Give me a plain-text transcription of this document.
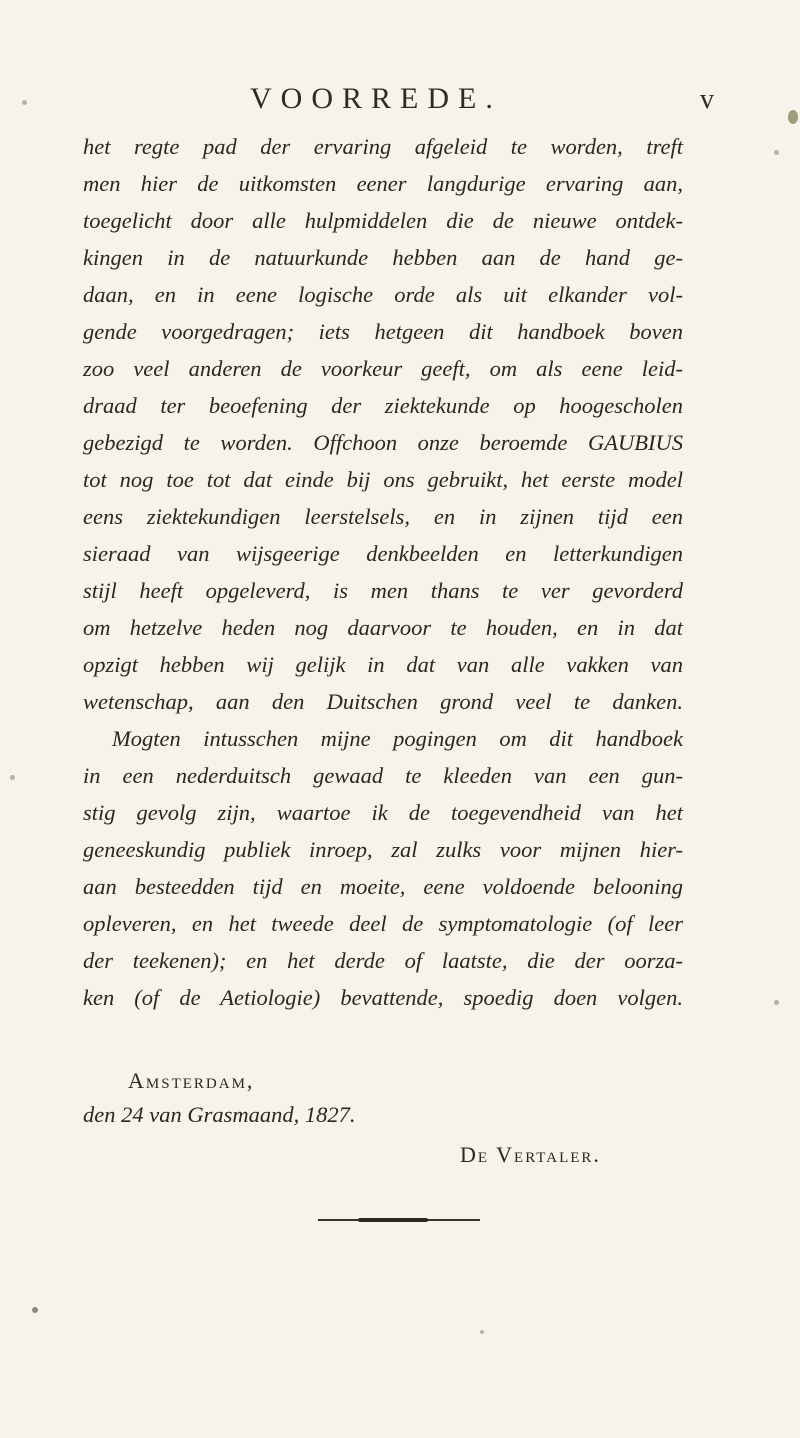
VOORREDE.	v
het regte pad der ervaring afgeleid te worden, treft
men hier de uitkomsten eener langdurige ervaring aan,
toegelicht door alle hulpmiddelen die de nieuwe ontdek-
kingen in de natuurkunde hebben aan de hand ge-
daan, en in eene logische orde als uit elkander vol-
gende voorgedragen; iets hetgeen dit handboek boven
zoo veel anderen de voorkeur geeft, om als eene leid-
draad ter beoefening der ziektekunde op hoogescholen
gebezigd te worden. Offchoon onze beroemde GAUBIUS
tot nog toe tot dat einde bij ons gebruikt, het eerste model
eens ziektekundigen leerstelsels, en in zijnen tijd een
sieraad van wijsgeerige denkbeelden en letterkundigen
stijl heeft opgeleverd, is men thans te ver gevorderd
om hetzelve heden nog daarvoor te houden, en in dat
opzigt hebben wij gelijk in dat van alle vakken van
wetenschap, aan den Duitschen grond veel te danken.
Mogten intusschen mijne pogingen om dit handboek
in een nederduitsch gewaad te kleeden van een gun-
stig gevolg zijn, waartoe ik de toegevendheid van het
geneeskundig publiek inroep, zal zulks voor mijnen hier-
aan besteedden tijd en moeite, eene voldoende belooning
opleveren, en het tweede deel de symptomatologie (of leer
der teekenen); en het derde of laatste, die der oorza-
ken (of de Aetiologie) bevattende, spoedig doen volgen.
Amsterdam,
den 24 van Grasmaand, 1827.
De Vertaler.
